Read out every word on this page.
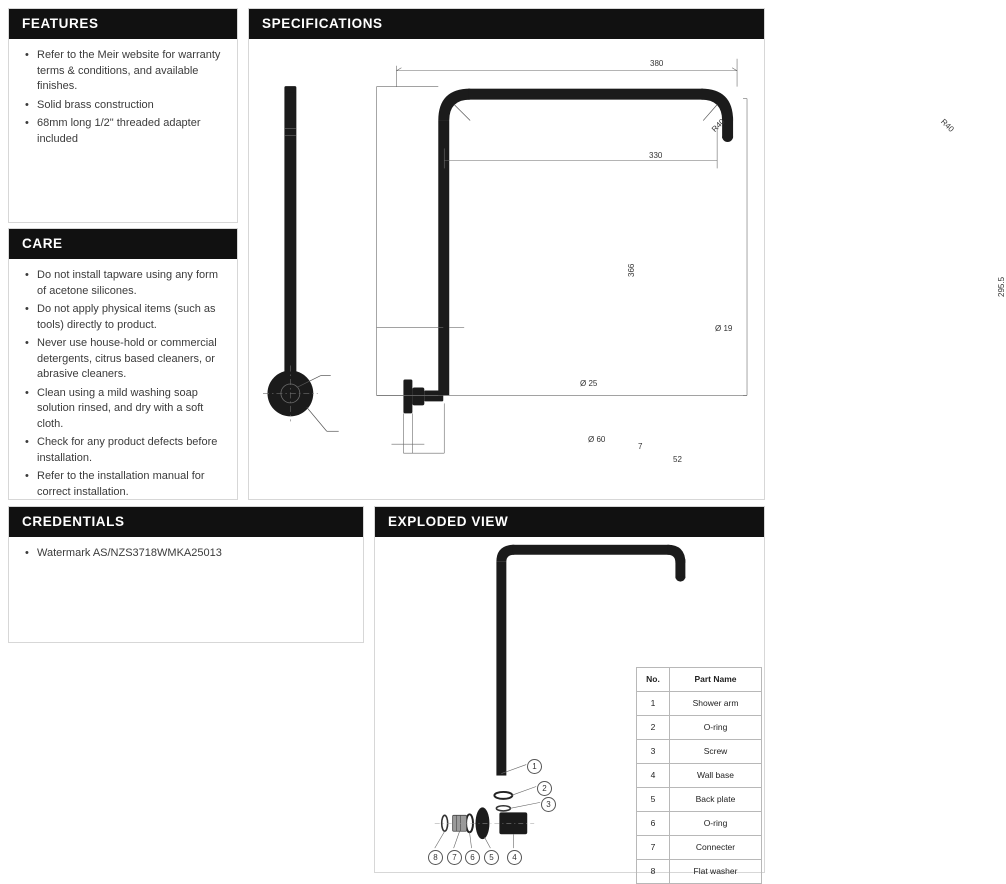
FEATURES
• Refer to the Meir website for warranty terms & conditions, and available finishes.
• Solid brass construction
• 68mm long 1/2" threaded adapter included
CARE
• Do not install tapware using any form of acetone silicones.
• Do not apply physical items (such as tools) directly to product.
• Never use house-hold or commercial detergents, citrus based cleaners, or abrasive cleaners.
• Clean using a mild washing soap solution rinsed, and dry with a soft cloth.
• Check for any product defects before installation.
• Refer to the installation manual for correct installation.
CREDENTIALS
• Watermark AS/NZS3718WMKA25013
SPECIFICATIONS
380
330
366
295.5
R40	R40
Ø 19
Ø 25
Ø 60
7
52
EXPLODED VIEW
1
2
3
4
5
6
7
8
No.	Part Name
1	Shower arm
2	O-ring
3	Screw
4	Wall base
5	Back plate
6	O-ring
7	Connecter
8	Flat washer
